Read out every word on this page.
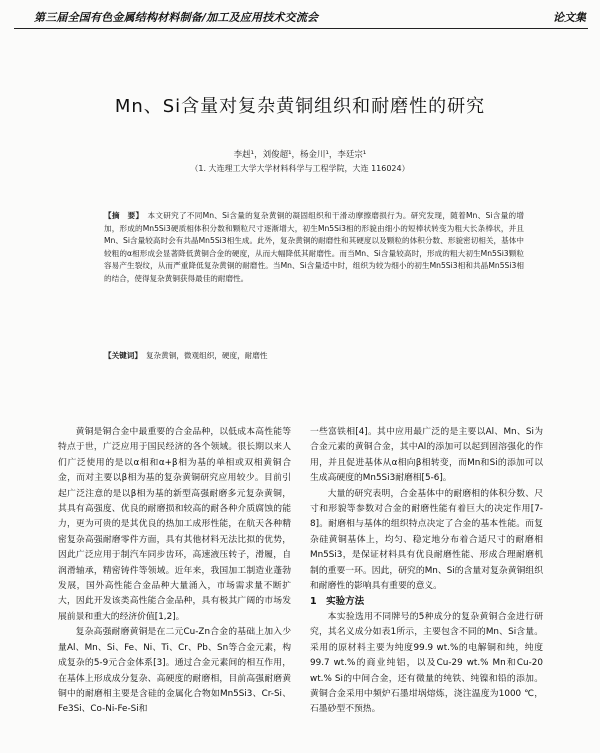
第三届全国有色金属结构材料制备/加工及应用技术交流会	论文集
Mn、Si含量对复杂黄铜组织和耐磨性的研究
李赳¹，刘俊超¹，杨金川¹，李廷宗¹
（1. 大连理工大学大学材料科学与工程学院，大连 116024）
【摘　要】 本文研究了不同Mn、Si含量的复杂黄铜的凝固组织和干滑动摩擦磨损行为。研究发现，随着Mn、Si含量的增加，形成的Mn5Si3硬质相体积分数和颗粒尺寸逐渐增大，初生Mn5Si3相的形貌由细小的短棒状转变为粗大长条棒状，并且Mn、Si含量较高时会有共晶Mn5Si3相生成。此外，复杂黄铜的耐磨性和其硬度以及颗粒的体积分数、形貌密切相关，基体中较粗的α相形成会显著降低黄铜合金的硬度，从而大幅降低其耐磨性。而当Mn、Si含量较高时，形成的粗大初生Mn5Si3颗粒容易产生裂纹，从而严重降低复杂黄铜的耐磨性。当Mn、Si含量适中时，组织为较为细小的初生Mn5Si3相和共晶Mn5Si3相的结合，使得复杂黄铜获得最佳的耐磨性。
【关键词】 复杂黄铜，微观组织，硬度，耐磨性

黄铜是铜合金中最重要的合金品种，以低成本高性能等特点于世，广泛应用于国民经济的各个领域。很长期以来人们广泛使用的是以α相和α+β相为基的单相或双相黄铜合金，而对主要以β相为基的复杂黄铜研究应用较少。目前引起广泛注意的是以β相为基的新型高强耐磨多元复杂黄铜，其具有高强度、优良的耐磨损和较高的耐各种介质腐蚀的能力，更为可贵的是其优良的热加工成形性能，在航天各种精密复杂高强耐磨零件方面，具有其他材料无法比拟的优势，因此广泛应用于制汽车同步齿环，高速液压转子，滑履，自润滑轴承，精密铸件等领域。近年来，我国加工制造业蓬勃发展，国外高性能合金品种大量涌入，市场需求量不断扩大，因此开发该类高性能合金品种，具有极其广阔的市场发展前景和重大的经济价值[1,2]。

复杂高强耐磨黄铜是在二元Cu-Zn合金的基础上加入少量Al、Mn、Si、Fe、Ni、Ti、Cr、Pb、Sn等合金元素，构成复杂的5-9元合金体系[3]。通过合金元素间的相互作用，在基体上形成成分复杂、高硬度的耐磨相，目前高强耐磨黄铜中的耐磨相主要是含硅的金属化合物如Mn5Si3、Cr-Si、Fe3Si、Co-Ni-Fe-Si和

一些富铁相[4]。其中应用最广泛的是主要以Al、Mn、Si为合金元素的黄铜合金，其中Al的添加可以起到固溶强化的作用，并且促进基体从α相向β相转变，而Mn和Si的添加可以生成高硬度的Mn5Si3耐磨相[5-6]。

大量的研究表明，合金基体中的耐磨相的体积分数、尺寸和形貌等参数对合金的耐磨性能有着巨大的决定作用[7-8]。耐磨相与基体的组织特点决定了合金的基本性能。而复杂硅黄铜基体上，均匀、稳定地分布着合适尺寸的耐磨相Mn5Si3，是保证材料具有优良耐磨性能、形成合理耐磨机制的重要一环。因此，研究的Mn、Si的含量对复杂黄铜组织和耐磨性的影响具有重要的意义。

1　实验方法

本实验选用不同牌号的5种成分的复杂黄铜合金进行研究，其名义成分如表1所示，主要包含不同的Mn、Si含量。采用的原材料主要为纯度99.9 wt.%的电解铜和纯，纯度99.7 wt.%的商业纯铝，以及Cu-29 wt.% Mn和Cu-20 wt.% Si的中间合金，还有微量的纯铁、纯镍和铅的添加。黄铜合金采用中频炉石墨坩埚熔炼，浇注温度为1000 ℃，石墨砂型不预热。
